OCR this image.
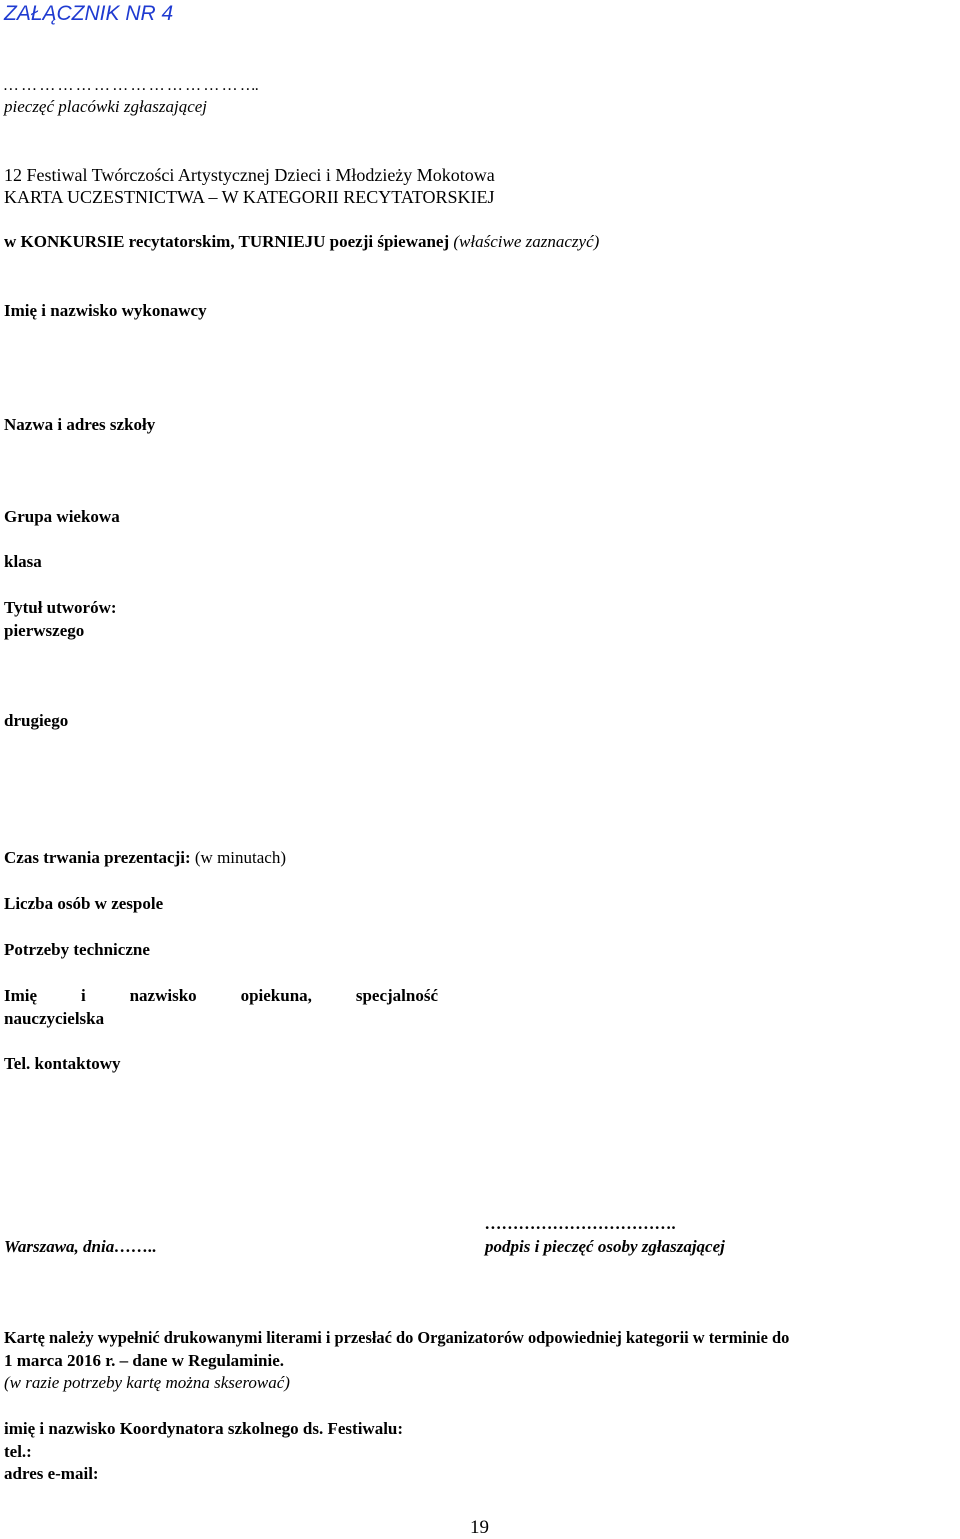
ZAŁĄCZNIK NR 4
… … … … … … … … … … … … … ….
pieczęć placówki zgłaszającej
12 Festiwal Twórczości Artystycznej Dzieci i Młodzieży Mokotowa
KARTA UCZESTNICTWA – W KATEGORII RECYTATORSKIEJ
w KONKURSIE recytatorskim, TURNIEJU poezji śpiewanej (właściwe zaznaczyć)
Imię i nazwisko wykonawcy
Nazwa i adres szkoły
Grupa wiekowa
klasa
Tytuł utworów:
pierwszego
drugiego
Czas trwania prezentacji: (w minutach)
Liczba osób w zespole
Potrzeby techniczne
Imię	i	nazwisko	opiekuna,	specjalność
nauczycielska
Tel. kontaktowy
Warszawa, dnia……..
…………………………….
podpis i pieczęć osoby zgłaszającej
Kartę należy wypełnić drukowanymi literami i przesłać do Organizatorów odpowiedniej kategorii w terminie do
1 marca 2016 r. – dane w Regulaminie.
(w razie potrzeby kartę można skserować)
imię i nazwisko Koordynatora szkolnego ds. Festiwalu:
tel.:
adres e-mail:
19
